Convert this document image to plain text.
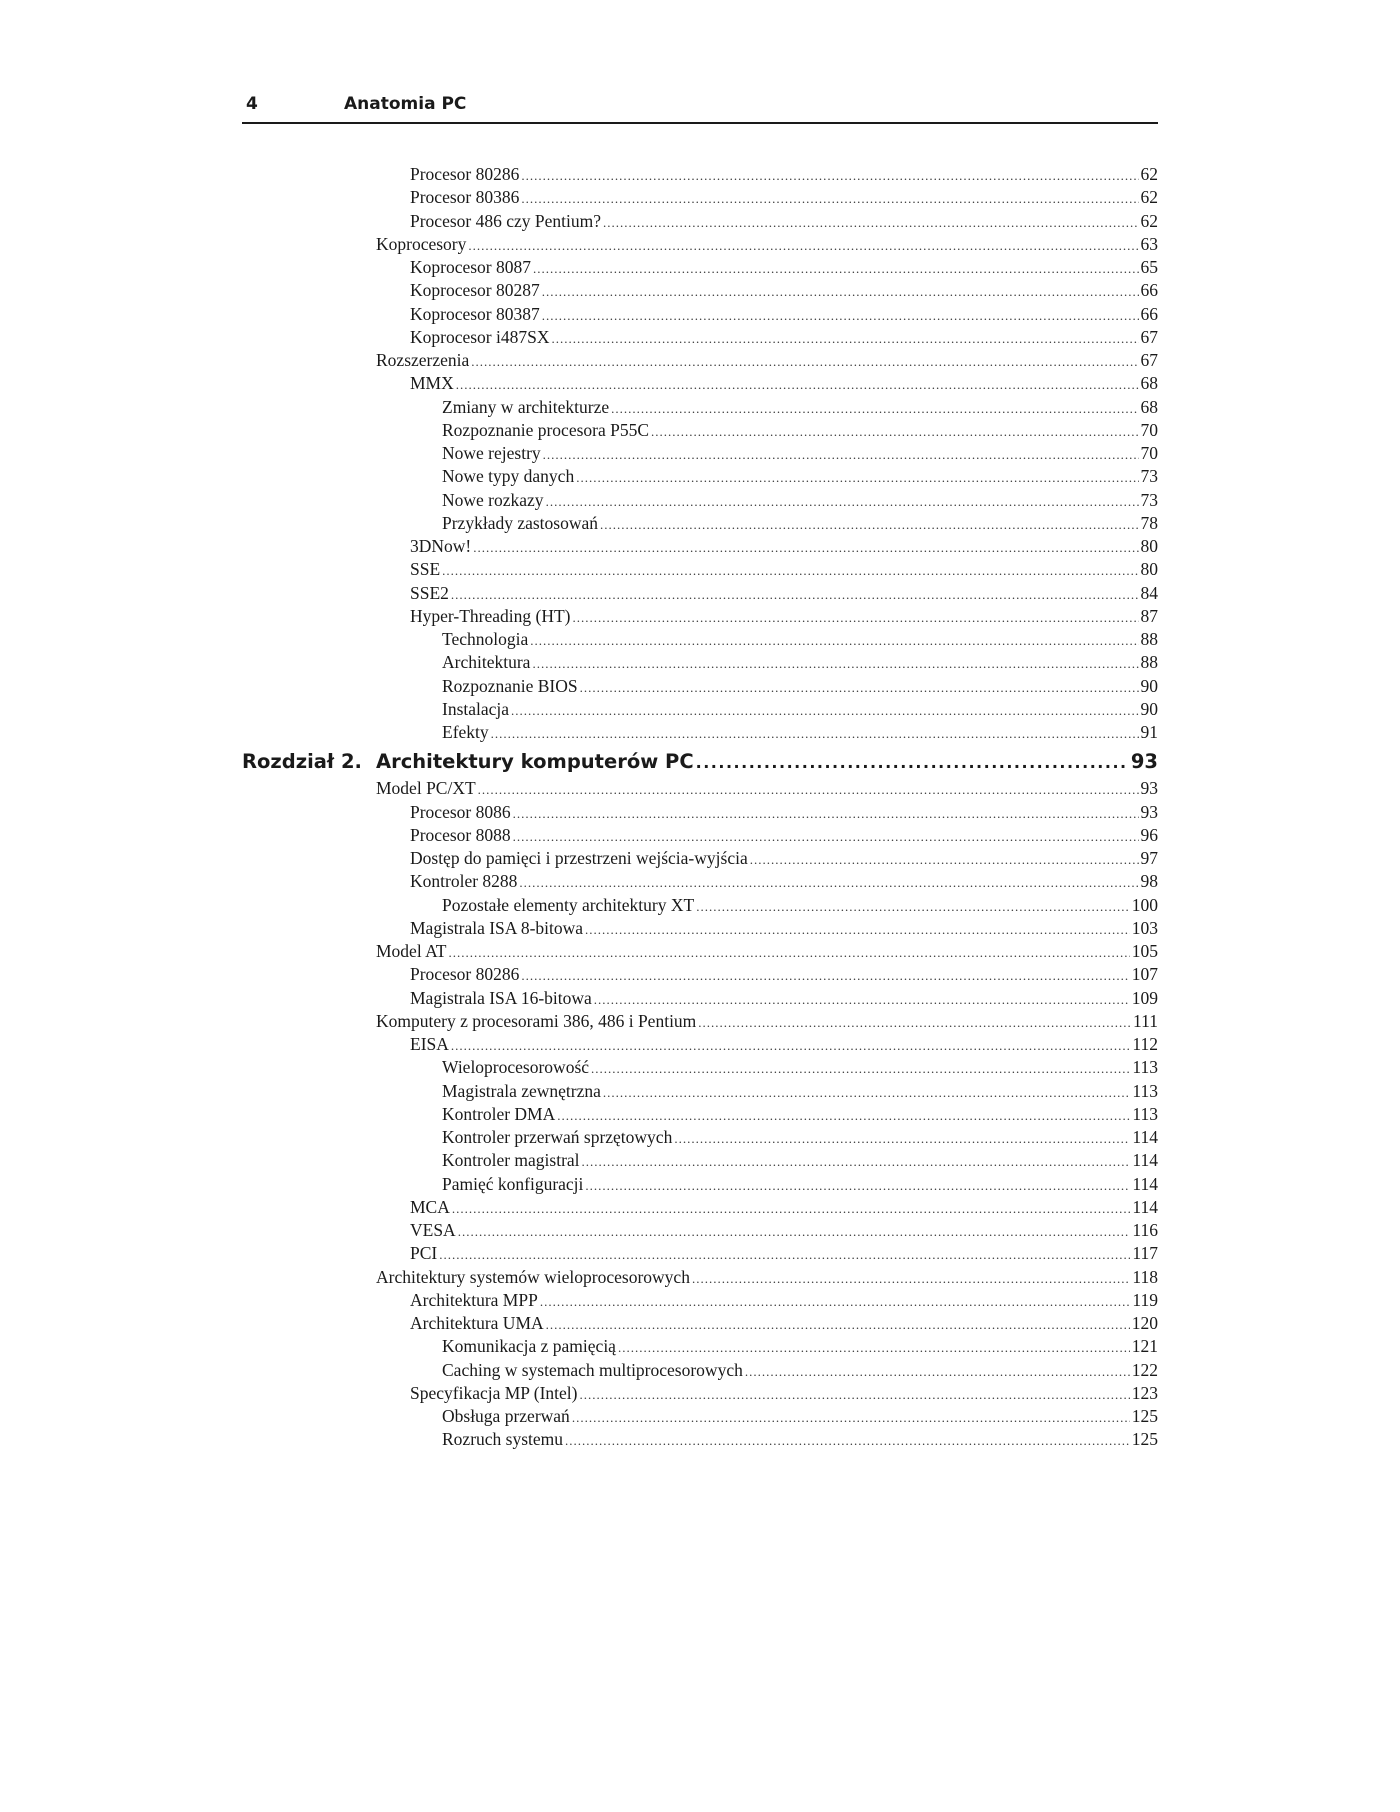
4	Anatomia PC
Procesor 80286 .....	62
Procesor 80386 .....	62
Procesor 486 czy Pentium? .....	62
Koprocesory .....	63
Koprocesor 8087 .....	65
Koprocesor 80287 .....	66
Koprocesor 80387 .....	66
Koprocesor i487SX .....	67
Rozszerzenia .....	67
MMX .....	68
Zmiany w architekturze .....	68
Rozpoznanie procesora P55C .....	70
Nowe rejestry .....	70
Nowe typy danych .....	73
Nowe rozkazy .....	73
Przykłady zastosowań .....	78
3DNow! .....	80
SSE .....	80
SSE2 .....	84
Hyper-Threading (HT) .....	87
Technologia .....	88
Architektura .....	88
Rozpoznanie BIOS .....	90
Instalacja .....	90
Efekty .....	91
Rozdział 2. Architektury komputerów PC .....	93
Model PC/XT .....	93
Procesor 8086 .....	93
Procesor 8088 .....	96
Dostęp do pamięci i przestrzeni wejścia-wyjścia .....	97
Kontroler 8288 .....	98
Pozostałe elementy architektury XT .....	100
Magistrala ISA 8-bitowa .....	103
Model AT .....	105
Procesor 80286 .....	107
Magistrala ISA 16-bitowa .....	109
Komputery z procesorami 386, 486 i Pentium .....	111
EISA .....	112
Wieloprocesorowość .....	113
Magistrala zewnętrzna .....	113
Kontroler DMA .....	113
Kontroler przerwań sprzętowych .....	114
Kontroler magistral .....	114
Pamięć konfiguracji .....	114
MCA .....	114
VESA .....	116
PCI .....	117
Architektury systemów wieloprocesorowych .....	118
Architektura MPP .....	119
Architektura UMA .....	120
Komunikacja z pamięcią .....	121
Caching w systemach multiprocesorowych .....	122
Specyfikacja MP (Intel) .....	123
Obsługa przerwań .....	125
Rozruch systemu .....	125
